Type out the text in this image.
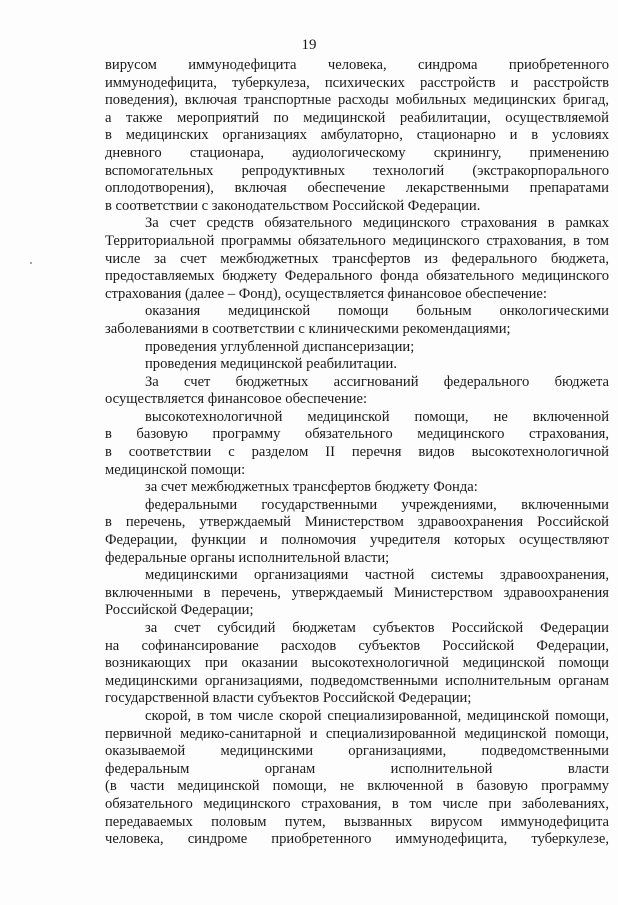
19
вирусом иммунодефицита человека, синдрома приобретенного
иммунодефицита, туберкулеза, психических расстройств и расстройств
поведения), включая транспортные расходы мобильных медицинских бригад,
а также мероприятий по медицинской реабилитации, осуществляемой
в медицинских организациях амбулаторно, стационарно и в условиях
дневного стационара, аудиологическому скринингу, применению
вспомогательных репродуктивных технологий (экстракорпорального
оплодотворения), включая обеспечение лекарственными препаратами
в соответствии с законодательством Российской Федерации.
За счет средств обязательного медицинского страхования в рамках
Территориальной программы обязательного медицинского страхования, в том
числе за счет межбюджетных трансфертов из федерального бюджета,
предоставляемых бюджету Федерального фонда обязательного медицинского
страхования (далее – Фонд), осуществляется финансовое обеспечение:
оказания медицинской помощи больным онкологическими
заболеваниями в соответствии с клиническими рекомендациями;
проведения углубленной диспансеризации;
проведения медицинской реабилитации.
За счет бюджетных ассигнований федерального бюджета
осуществляется финансовое обеспечение:
высокотехнологичной медицинской помощи, не включенной
в базовую программу обязательного медицинского страхования,
в соответствии с разделом II перечня видов высокотехнологичной
медицинской помощи:
за счет межбюджетных трансфертов бюджету Фонда:
федеральными государственными учреждениями, включенными
в перечень, утверждаемый Министерством здравоохранения Российской
Федерации, функции и полномочия учредителя которых осуществляют
федеральные органы исполнительной власти;
медицинскими организациями частной системы здравоохранения,
включенными в перечень, утверждаемый Министерством здравоохранения
Российской Федерации;
за счет субсидий бюджетам субъектов Российской Федерации
на софинансирование расходов субъектов Российской Федерации,
возникающих при оказании высокотехнологичной медицинской помощи
медицинскими организациями, подведомственными исполнительным органам
государственной власти субъектов Российской Федерации;
скорой, в том числе скорой специализированной, медицинской помощи,
первичной медико-санитарной и специализированной медицинской помощи,
оказываемой медицинскими организациями, подведомственными
федеральным органам исполнительной власти
(в части медицинской помощи, не включенной в базовую программу
обязательного медицинского страхования, в том числе при заболеваниях,
передаваемых половым путем, вызванных вирусом иммунодефицита
человека, синдроме приобретенного иммунодефицита, туберкулезе,
